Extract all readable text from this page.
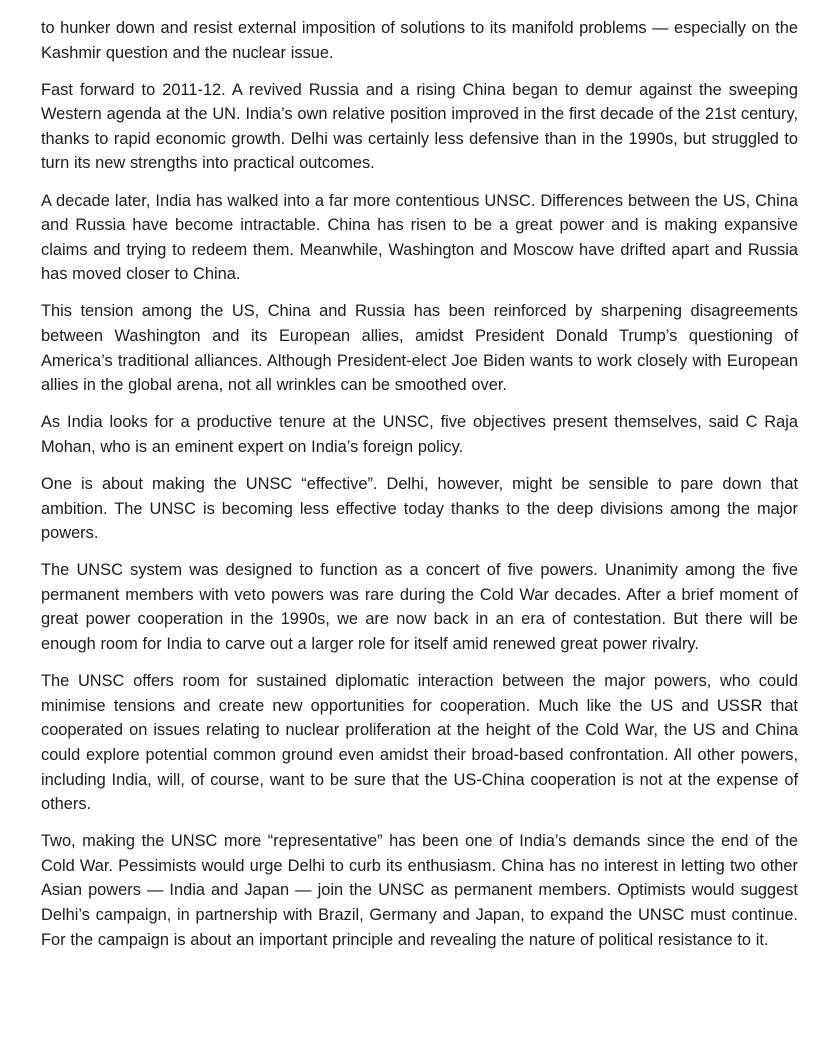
to hunker down and resist external imposition of solutions to its manifold problems — especially on the Kashmir question and the nuclear issue.

Fast forward to 2011-12. A revived Russia and a rising China began to demur against the sweeping Western agenda at the UN. India’s own relative position improved in the first decade of the 21st century, thanks to rapid economic growth. Delhi was certainly less defensive than in the 1990s, but struggled to turn its new strengths into practical outcomes.

A decade later, India has walked into a far more contentious UNSC. Differences between the US, China and Russia have become intractable. China has risen to be a great power and is making expansive claims and trying to redeem them. Meanwhile, Washington and Moscow have drifted apart and Russia has moved closer to China.

This tension among the US, China and Russia has been reinforced by sharpening disagreements between Washington and its European allies, amidst President Donald Trump’s questioning of America’s traditional alliances. Although President-elect Joe Biden wants to work closely with European allies in the global arena, not all wrinkles can be smoothed over.

As India looks for a productive tenure at the UNSC, five objectives present themselves, said C Raja Mohan, who is an eminent expert on India’s foreign policy.

One is about making the UNSC “effective”. Delhi, however, might be sensible to pare down that ambition. The UNSC is becoming less effective today thanks to the deep divisions among the major powers.

The UNSC system was designed to function as a concert of five powers. Unanimity among the five permanent members with veto powers was rare during the Cold War decades. After a brief moment of great power cooperation in the 1990s, we are now back in an era of contestation. But there will be enough room for India to carve out a larger role for itself amid renewed great power rivalry.

The UNSC offers room for sustained diplomatic interaction between the major powers, who could minimise tensions and create new opportunities for cooperation. Much like the US and USSR that cooperated on issues relating to nuclear proliferation at the height of the Cold War, the US and China could explore potential common ground even amidst their broad-based confrontation. All other powers, including India, will, of course, want to be sure that the US-China cooperation is not at the expense of others.

Two, making the UNSC more “representative” has been one of India’s demands since the end of the Cold War. Pessimists would urge Delhi to curb its enthusiasm. China has no interest in letting two other Asian powers — India and Japan — join the UNSC as permanent members. Optimists would suggest Delhi’s campaign, in partnership with Brazil, Germany and Japan, to expand the UNSC must continue. For the campaign is about an important principle and revealing the nature of political resistance to it.
